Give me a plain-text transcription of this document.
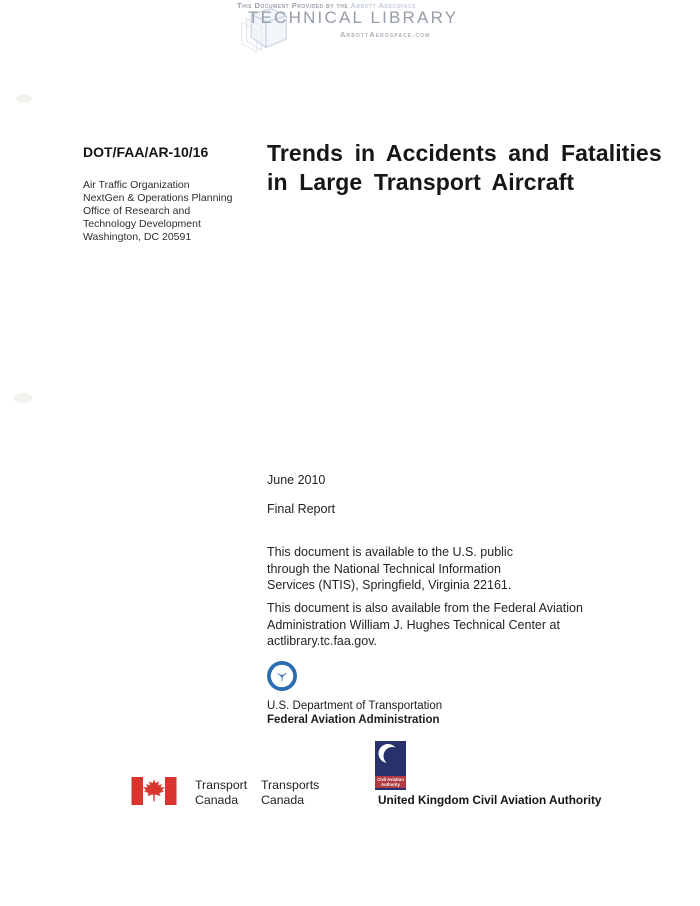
This Document Provided by the Abbott Aerospace
TECHNICAL LIBRARY
AbbottAerospace.com
DOT/FAA/AR-10/16
Air Traffic Organization
NextGen & Operations Planning
Office of Research and
Technology Development
Washington, DC 20591
Trends in Accidents and Fatalities
in Large Transport Aircraft
June 2010
Final Report
This document is available to the U.S. public
through the National Technical Information
Services (NTIS), Springfield, Virginia 22161.
This document is also available from the Federal Aviation
Administration William J. Hughes Technical Center at
actlibrary.tc.faa.gov.
U.S. Department of Transportation
Federal Aviation Administration
Transport
Canada
Transports
Canada
Civil Aviation
Authority
United Kingdom Civil Aviation Authority
